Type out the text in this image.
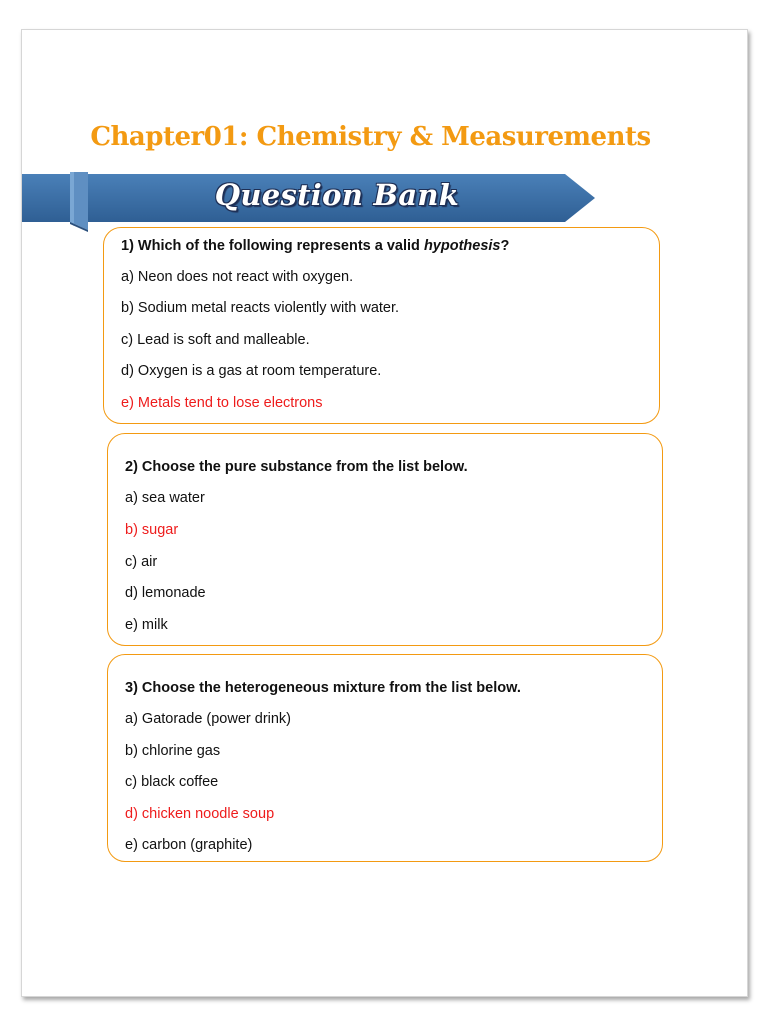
Chapter01: Chemistry & Measurements
Question Bank
1) Which of the following represents a valid hypothesis?
a) Neon does not react with oxygen.
b) Sodium metal reacts violently with water.
c) Lead is soft and malleable.
d) Oxygen is a gas at room temperature.
e) Metals tend to lose electrons
2) Choose the pure substance from the list below.
a) sea water
b) sugar
c) air
d) lemonade
e) milk
3) Choose the heterogeneous mixture from the list below.
a) Gatorade (power drink)
b) chlorine gas
c) black coffee
d) chicken noodle soup
e) carbon (graphite)
